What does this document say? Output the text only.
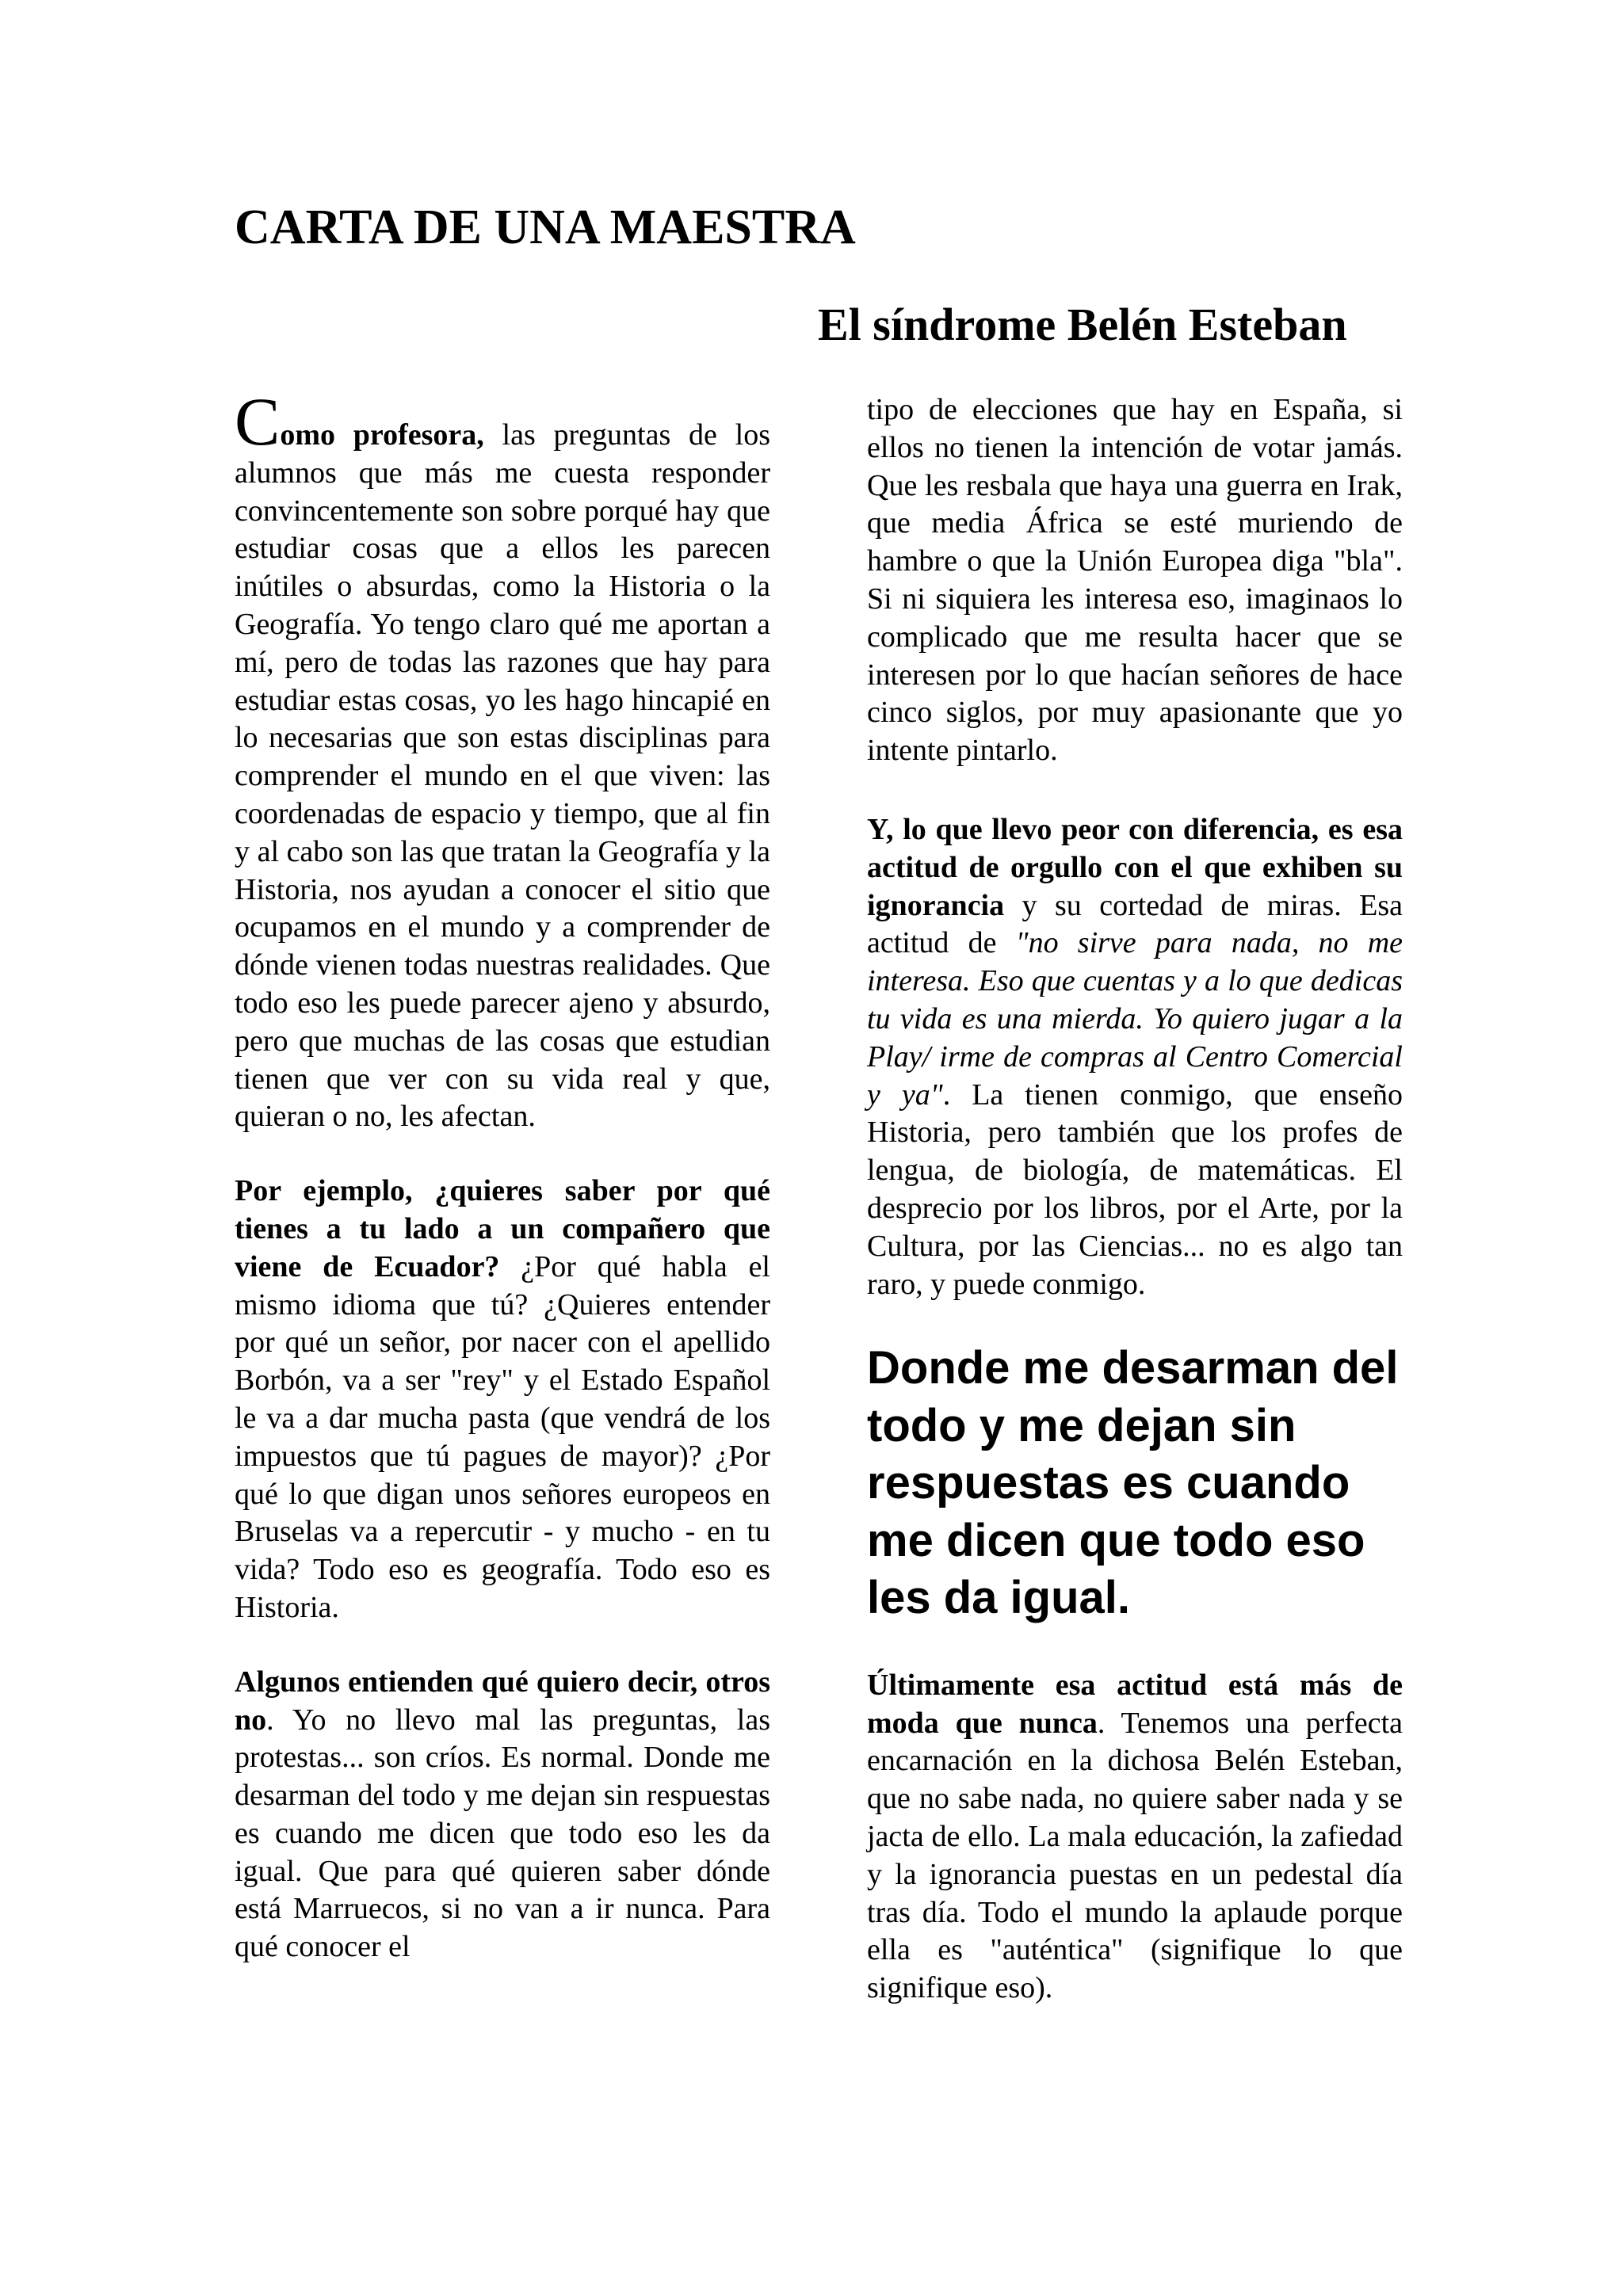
CARTA DE UNA MAESTRA
El síndrome Belén Esteban

Como profesora, las preguntas de los alumnos que más me cuesta responder convincentemente son sobre porqué hay que estudiar cosas que a ellos les parecen inútiles o absurdas, como la Historia o la Geografía. Yo tengo claro qué me aportan a mí, pero de todas las razones que hay para estudiar estas cosas, yo les hago hincapié en lo necesarias que son estas disciplinas para comprender el mundo en el que viven: las coordenadas de espacio y tiempo, que al fin y al cabo son las que tratan la Geografía y la Historia, nos ayudan a conocer el sitio que ocupamos en el mundo y a comprender de dónde vienen todas nuestras realidades. Que todo eso les puede parecer ajeno y absurdo, pero que muchas de las cosas que estudian tienen que ver con su vida real y que, quieran o no, les afectan.

Por ejemplo, ¿quieres saber por qué tienes a tu lado a un compañero que viene de Ecuador? ¿Por qué habla el mismo idioma que tú? ¿Quieres entender por qué un señor, por nacer con el apellido Borbón, va a ser "rey" y el Estado Español le va a dar mucha pasta (que vendrá de los impuestos que tú pagues de mayor)? ¿Por qué lo que digan unos señores europeos en Bruselas va a repercutir - y mucho - en tu vida? Todo eso es geografía. Todo eso es Historia.

Algunos entienden qué quiero decir, otros no. Yo no llevo mal las preguntas, las protestas... son críos. Es normal. Donde me desarman del todo y me dejan sin respuestas es cuando me dicen que todo eso les da igual. Que para qué quieren saber dónde está Marruecos, si no van a ir nunca. Para qué conocer el

tipo de elecciones que hay en España, si ellos no tienen la intención de votar jamás. Que les resbala que haya una guerra en Irak, que media África se esté muriendo de hambre o que la Unión Europea diga "bla". Si ni siquiera les interesa eso, imaginaos lo complicado que me resulta hacer que se interesen por lo que hacían señores de hace cinco siglos, por muy apasionante que yo intente pintarlo.

Y, lo que llevo peor con diferencia, es esa actitud de orgullo con el que exhiben su ignorancia y su cortedad de miras. Esa actitud de "no sirve para nada, no me interesa. Eso que cuentas y a lo que dedicas tu vida es una mierda. Yo quiero jugar a la Play/ irme de compras al Centro Comercial y ya". La tienen conmigo, que enseño Historia, pero también que los profes de lengua, de biología, de matemáticas. El desprecio por los libros, por el Arte, por la Cultura, por las Ciencias... no es algo tan raro, y puede conmigo.

Donde me desarman del todo y me dejan sin respuestas es cuando me dicen que todo eso les da igual.

Últimamente esa actitud está más de moda que nunca. Tenemos una perfecta encarnación en la dichosa Belén Esteban, que no sabe nada, no quiere saber nada y se jacta de ello. La mala educación, la zafiedad y la ignorancia puestas en un pedestal día tras día. Todo el mundo la aplaude porque ella es "auténtica" (signifique lo que signifique eso).
